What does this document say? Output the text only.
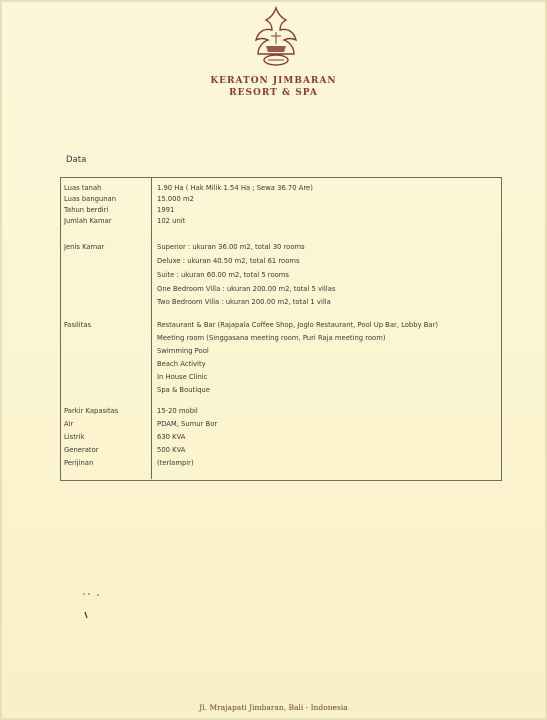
KERATON JIMBARAN
RESORT & SPA
Data
Luas tanah	1.90 Ha ( Hak Milik 1.54 Ha ; Sewa 36.70 Are)
Luas bangunan	15.000 m2
Tahun berdiri	1991
Jumlah Kamar	102 unit
Jenis Kamar	Superior : ukuran 36.00 m2, total 30 rooms
Deluxe : ukuran 40.50 m2, total 61 rooms
Suite : ukuran 60.00 m2, total 5 rooms
One Bedroom Villa : ukuran 200.00 m2, total 5 villas
Two Bedroom Villa : ukuran 200.00 m2, total 1 villa
Fasilitas	Restaurant & Bar (Rajapala Coffee Shop, Joglo Restaurant, Pool Up Bar, Lobby Bar)
Meeting room (Singgasana meeting room, Puri Raja meeting room)
Swimming Pool
Beach Activity
In House Clinic
Spa & Boutique
Parkir Kapasitas	15-20 mobil
Air	PDAM, Sumur Bor
Listrik	630 KVA
Generator	500 KVA
Perijinan	(terlampir)
Jl. Mrajapati Jimbaran, Bali - Indonesia
